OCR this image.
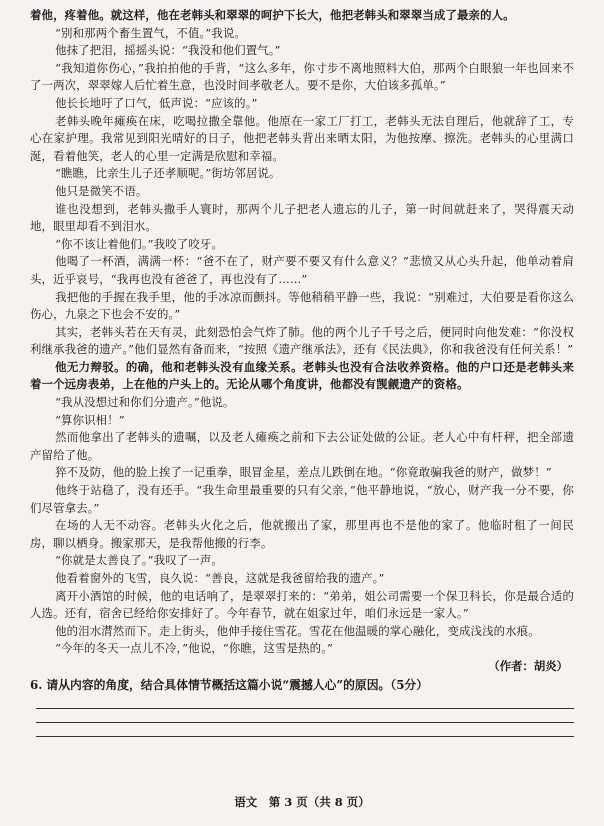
着他，疼着他。就这样，他在老韩头和翠翠的呵护下长大，他把老韩头和翠翠当成了最亲的人。

“别和那两个畜生置气，不值。”我说。

他抹了把泪，摇摇头说：“我没和他们置气。”

“我知道你伤心，”我拍拍他的手背，“这么多年，你寸步不离地照料大伯，那两个白眼狼一年也回来不了一两次，翠翠嫁人后忙着生意，也没时间孝敬老人。要不是你，大伯该多孤单。”

他长长地吁了口气，低声说：“应该的。”

老韩头晚年瘫痪在床，吃喝拉撒全靠他。他原在一家工厂打工，老韩头无法自理后，他就辞了工，专心在家护理。我常见到阳光晴好的日子，他把老韩头背出来晒太阳，为他按摩、擦洗。老韩头的心里满口涎，看着他笑，老人的心里一定满是欣慰和幸福。

“瞧瞧，比亲生儿子还孝顺呢。”街坊邻居说。

他只是微笑不语。

谁也没想到，老韩头撒手人寰时，那两个儿子把老人遗忘的儿子，第一时间就赶来了，哭得震天动地，眼里却看不到泪水。

“你不该让着他们。”我咬了咬牙。

他喝了一杯酒，满满一杯：“爸不在了，财产要不要又有什么意义？”悲愤又从心头升起，他单动着肩头，近乎哀号，“我再也没有爸爸了，再也没有了……”

我把他的手握在我手里，他的手冰凉而颤抖。等他稍稍平静一些，我说：“别难过，大伯要是看你这么伤心，九泉之下也会不安的。”

其实，老韩头若在天有灵，此刻恐怕会气炸了肺。他的两个儿子千号之后，便同时向他发难：“你没权利继承我爸的遗产。”他们显然有备而来，“按照《遗产继承法》，还有《民法典》，你和我爸没有任何关系！”

他无力辩驳。的确，他和老韩头没有血缘关系。老韩头也没有合法收养资格。他的户口还是老韩头来着一个远房表弟，上在他的户头上的。无论从哪个角度讲，他都没有觊觎遗产的资格。

“我从没想过和你们分遗产。”他说。

“算你识相！”

然而他拿出了老韩头的遗嘱，以及老人瘫痪之前和下去公证处做的公证。老人心中有杆秤，把全部遗产留给了他。

猝不及防，他的脸上挨了一记重拳，眼冒金星，差点儿跌倒在地。“你竟敢骗我爸的财产，做梦！”

他终于站稳了，没有还手。“我生命里最重要的只有父亲，”他平静地说，“放心，财产我一分不要，你们尽管拿去。”

在场的人无不动容。老韩头火化之后，他就搬出了家，那里再也不是他的家了。他临时租了一间民房，聊以栖身。搬家那天，是我帮他搬的行李。

“你就是太善良了。”我叹了一声。

他看着窗外的飞雪，良久说：“善良，这就是我爸留给我的遗产。”

离开小酒馆的时候，他的电话响了，是翠翠打来的：“弟弟，姐公司需要一个保卫科长，你是最合适的人选。还有，宿舍已经给你安排好了。今年春节，就在姐家过年，咱们永远是一家人。”

他的泪水潸然而下。走上街头，他伸手接住雪花。雪花在他温暖的掌心融化，变成浅浅的水痕。

“今年的冬天一点儿不冷，”他说，“你瞧，这雪是热的。”

（作者：胡炎）
6. 请从内容的角度，结合具体情节概括这篇小说“震撼人心”的原因。（5分）
语文　第 3 页（共 8 页）
